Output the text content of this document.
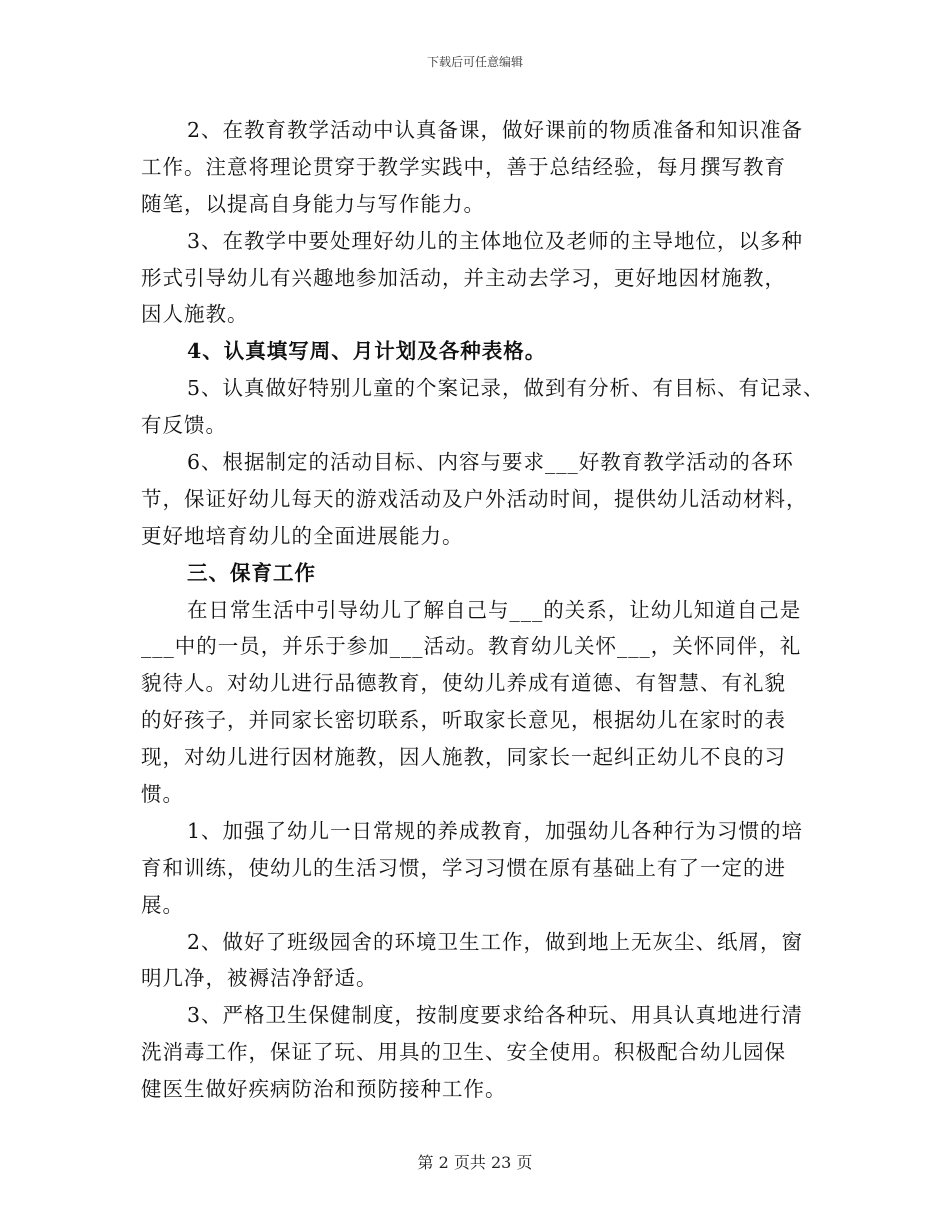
下载后可任意编辑
2、在教育教学活动中认真备课，做好课前的物质准备和知识准备
工作。注意将理论贯穿于教学实践中，善于总结经验，每月撰写教育
随笔，以提高自身能力与写作能力。
3、在教学中要处理好幼儿的主体地位及老师的主导地位，以多种
形式引导幼儿有兴趣地参加活动，并主动去学习，更好地因材施教，
因人施教。
4、认真填写周、月计划及各种表格。
5、认真做好特别儿童的个案记录，做到有分析、有目标、有记录、
有反馈。
6、根据制定的活动目标、内容与要求___好教育教学活动的各环
节，保证好幼儿每天的游戏活动及户外活动时间，提供幼儿活动材料，
更好地培育幼儿的全面进展能力。
三、保育工作
在日常生活中引导幼儿了解自己与___的关系，让幼儿知道自己是
___中的一员，并乐于参加___活动。教育幼儿关怀___，关怀同伴，礼
貌待人。对幼儿进行品德教育，使幼儿养成有道德、有智慧、有礼貌
的好孩子，并同家长密切联系，听取家长意见，根据幼儿在家时的表
现，对幼儿进行因材施教，因人施教，同家长一起纠正幼儿不良的习
惯。
1、加强了幼儿一日常规的养成教育，加强幼儿各种行为习惯的培
育和训练，使幼儿的生活习惯，学习习惯在原有基础上有了一定的进
展。
2、做好了班级园舍的环境卫生工作，做到地上无灰尘、纸屑，窗
明几净，被褥洁净舒适。
3、严格卫生保健制度，按制度要求给各种玩、用具认真地进行清
洗消毒工作，保证了玩、用具的卫生、安全使用。积极配合幼儿园保
健医生做好疾病防治和预防接种工作。
第 2 页共 23 页
